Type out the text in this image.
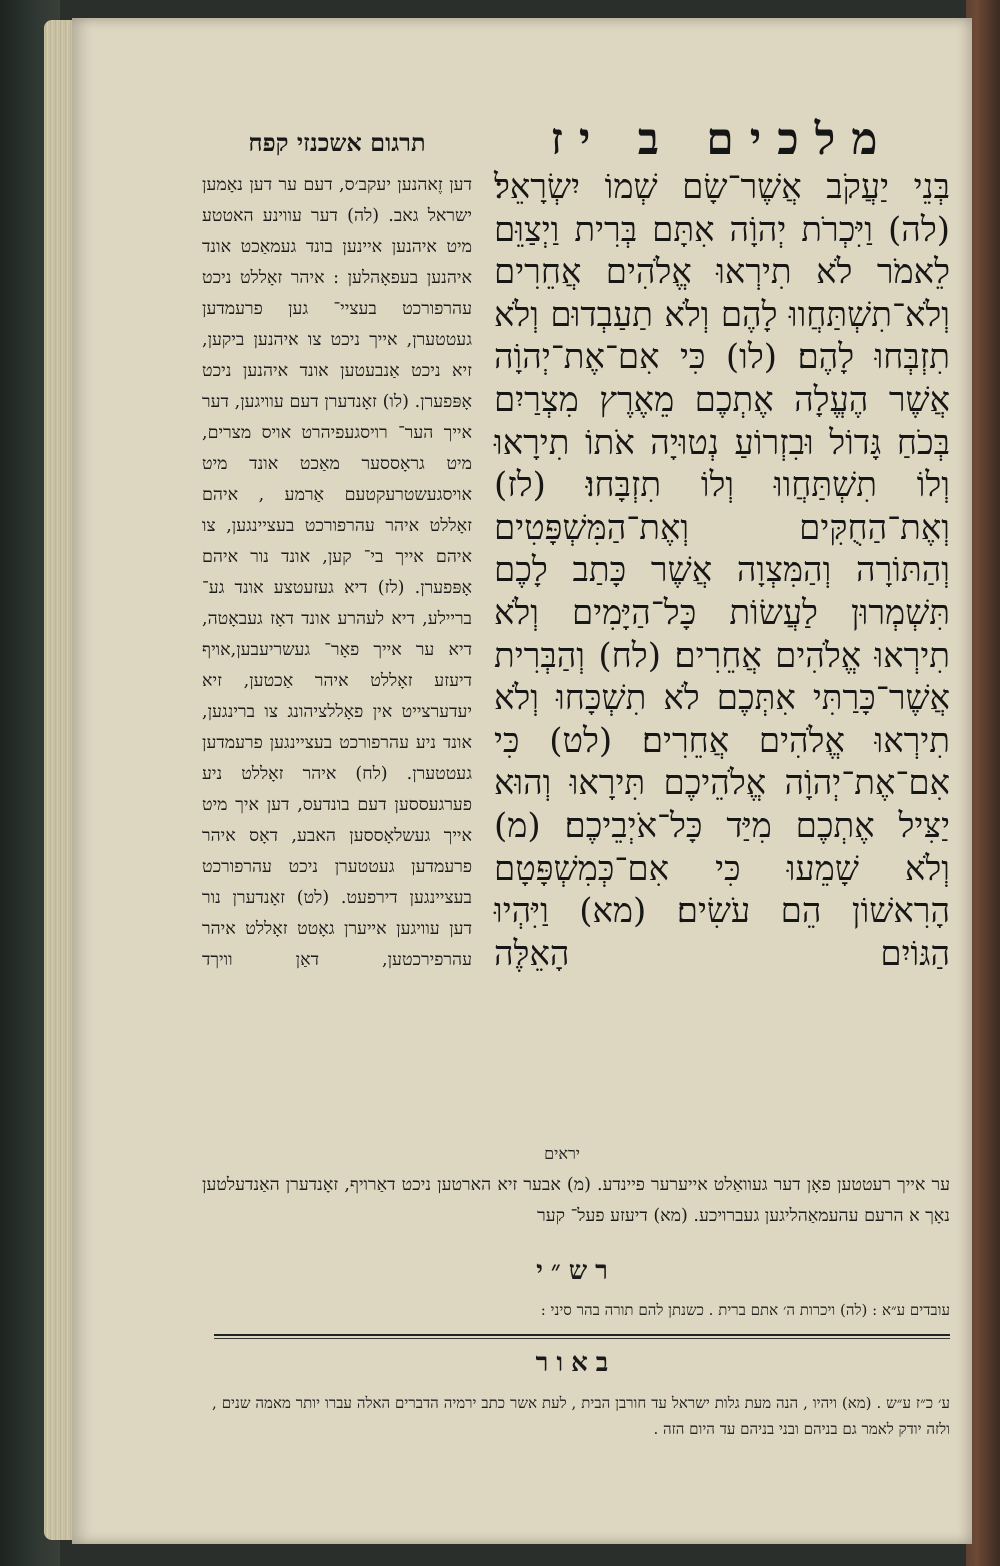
מלכים ב יז
בְּנֵי יַעֲקֹב אֲשֶׁר־שָׂם שְׁמוֹ יִשְׂרָאֵל׃ (לה) וַיִּכְרֹת יְהוָֹה אִתָּם בְּרִית וַיְצַוֵּם לֵאמֹר לֹא תִירְאוּ אֱלֹהִים אֲחֵרִים וְלֹא־תִשְׁתַּחֲווּ לָהֶם וְלֹא תַעַבְדוּם וְלֹא תִזְבְּחוּ לָהֶם׃ (לו) כִּי אִם־אֶת־יְהוָֹה אֲשֶׁר הֶעֱלָה אֶתְכֶם מֵאֶרֶץ מִצְרַיִם בְּכֹחַ גָּדוֹל וּבִזְרוֹעַ נְטוּיָה אֹתוֹ תִירָאוּ וְלוֹ תִשְׁתַּחֲווּ וְלוֹ תִזְבָּחוּ׃ (לז) וְאֶת־הַחֻקִּים וְאֶת־הַמִּשְׁפָּטִים וְהַתּוֹרָה וְהַמִּצְוָה אֲשֶׁר כָּתַב לָכֶם תִּשְׁמְרוּן לַעֲשׂוֹת כָּל־הַיָּמִים וְלֹא תִירְאוּ אֱלֹהִים אֲחֵרִים׃ (לח) וְהַבְּרִית אֲשֶׁר־כָּרַתִּי אִתְּכֶם לֹא תִשְׁכָּחוּ וְלֹא תִירְאוּ אֱלֹהִים אֲחֵרִים׃ (לט) כִּי אִם־אֶת־יְהוָֹה אֱלֹהֵיכֶם תִּירָאוּ וְהוּא יַצִּיל אֶתְכֶם מִיַּד כָּל־אֹיְבֵיכֶם׃ (מ) וְלֹא שָׁמֵעוּ כִּי אִם־כְּמִשְׁפָּטָם הָרִאשׁוֹן הֵם עֹשִׂים׃ (מא) וַיִּהְיוּ הַגּוֹיִם הָאֵלֶּה
יראים
תרגום אשכנזי קפח
דען זֶאהנען יעקב׳ס, דעם ער דען נאָמען ישראל גאב. (לה) דער עווינע האטטע מיט איהנען איינען בונד געמאַכט אונד איהנען בעפאָהלען : איהר זאָללט ניכט עהרפורכט בעציי־ גען פרעמדען געטטערן, אייך ניכט צו איהנען ביקען, זיא ניכט אַנבעטען אונד איהנען ניכט אָפּפערן. (לו) זאָנדערן דעם עוויגען, דער אייך הער־ רויסגעפיהרט אויס מצרים, מיט גראָססער מאַכט אונד מיט אויסגעשטרעקטעם אַרמע , איהם זאָללט איהר עהרפורכט בעציינגען, צו איהם אייך בי־ קען, אונד נור איהם אָפּפערן. (לז) דיא געזעטצע אונד גע־ בריילע, דיא לעהרע אונד דאָז געבאָטה, דיא ער אייך פאָר־ געשריעבען,אויף דיעזע זאָללט איהר אַכטען, זיא יעדערצייט אין פאָללציהונג צו ברינגען, אונד ניע עהרפורכט בעציינגען פרעמדען געטטערן. (לח) איהר זאָללט ניע פערגעססען דעם בונדעס, דען איך מיט אייך געשלאָססען האבע, דאָס איהר פרעמדען געטטערן ניכט עהרפורכט בעציינגען דירפעט. (לט) זאָנדערן נור דען עוויגען אייערן גאָטט זאָללט איהר עהרפירכטען, דאַן וויךד
ער אייך רעטטען פאָן דער געוואַלט אייערער פיינדע. (מ) אבער זיא הארטען ניכט דאַרויף, זאָנדערן האַנדעלטען נאָך א הרעם עהעמאַהליגען געברויכע. (מא) דיעזע פעל־ קער
רש״י
עובדים ע״א : (לה) ויכרות ה׳ אתם ברית . כשנתן להם תורה בהר סיני :
באור
ע׳ כ״ז ע״ש . (מא) ויהיו , הנה מעת גלות ישראל עד חורבן הבית , לעת אשר כתב ירמיה הדברים האלה עברו יותר מאמה שנים , ולזה יודק לאמר גם בניהם ובני בניהם עד היום הזה .
